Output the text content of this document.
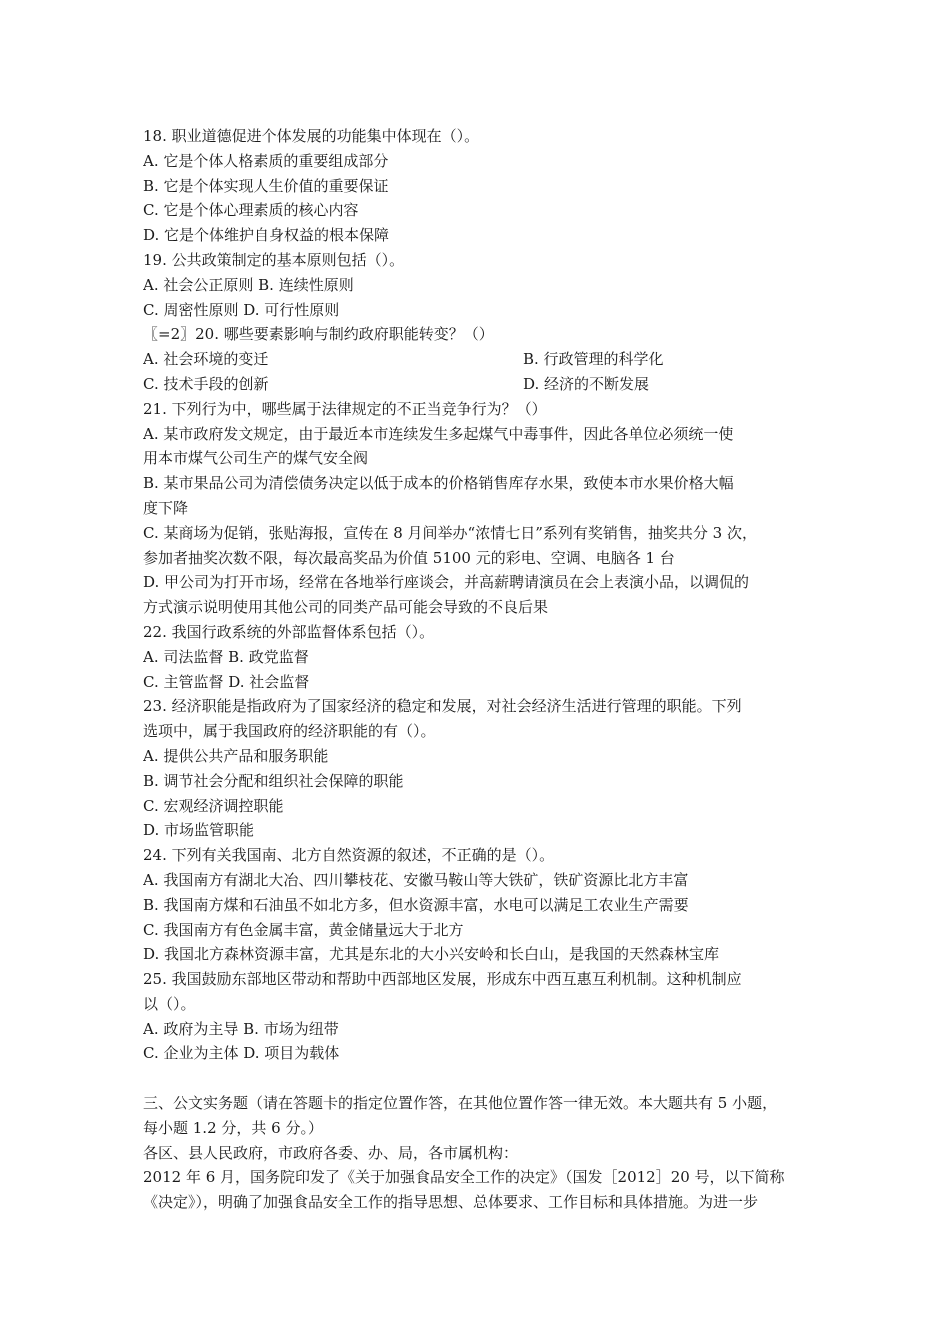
18. 职业道德促进个体发展的功能集中体现在（）。
A. 它是个体人格素质的重要组成部分
B. 它是个体实现人生价值的重要保证
C. 它是个体心理素质的核心内容
D. 它是个体维护自身权益的根本保障
19. 公共政策制定的基本原则包括（）。
A. 社会公正原则 B. 连续性原则
C. 周密性原则 D. 可行性原则
〖=2〗20. 哪些要素影响与制约政府职能转变？（）
A. 社会环境的变迁	B. 行政管理的科学化
C. 技术手段的创新	D. 经济的不断发展
21. 下列行为中，哪些属于法律规定的不正当竞争行为？（）
A. 某市政府发文规定，由于最近本市连续发生多起煤气中毒事件，因此各单位必须统一使
用本市煤气公司生产的煤气安全阀
B. 某市果品公司为清偿债务决定以低于成本的价格销售库存水果，致使本市水果价格大幅
度下降
C. 某商场为促销，张贴海报，宣传在 8 月间举办“浓情七日”系列有奖销售，抽奖共分 3 次，
参加者抽奖次数不限，每次最高奖品为价值 5100 元的彩电、空调、电脑各 1 台
D. 甲公司为打开市场，经常在各地举行座谈会，并高薪聘请演员在会上表演小品，以调侃的
方式演示说明使用其他公司的同类产品可能会导致的不良后果
22. 我国行政系统的外部监督体系包括（）。
A. 司法监督 B. 政党监督
C. 主管监督 D. 社会监督
23. 经济职能是指政府为了国家经济的稳定和发展，对社会经济生活进行管理的职能。下列
选项中，属于我国政府的经济职能的有（）。
A. 提供公共产品和服务职能
B. 调节社会分配和组织社会保障的职能
C. 宏观经济调控职能
D. 市场监管职能
24. 下列有关我国南、北方自然资源的叙述，不正确的是（）。
A. 我国南方有湖北大冶、四川攀枝花、安徽马鞍山等大铁矿，铁矿资源比北方丰富
B. 我国南方煤和石油虽不如北方多，但水资源丰富，水电可以满足工农业生产需要
C. 我国南方有色金属丰富，黄金储量远大于北方
D. 我国北方森林资源丰富，尤其是东北的大小兴安岭和长白山，是我国的天然森林宝库
25. 我国鼓励东部地区带动和帮助中西部地区发展，形成东中西互惠互利机制。这种机制应
以（）。
A. 政府为主导 B. 市场为纽带
C. 企业为主体 D. 项目为载体
三、公文实务题（请在答题卡的指定位置作答，在其他位置作答一律无效。本大题共有 5 小题，
每小题 1.2 分，共 6 分。）
各区、县人民政府，市政府各委、办、局，各市属机构：
2012 年 6 月，国务院印发了《关于加强食品安全工作的决定》（国发［2012］20 号，以下简称
《决定》），明确了加强食品安全工作的指导思想、总体要求、工作目标和具体措施。为进一步
